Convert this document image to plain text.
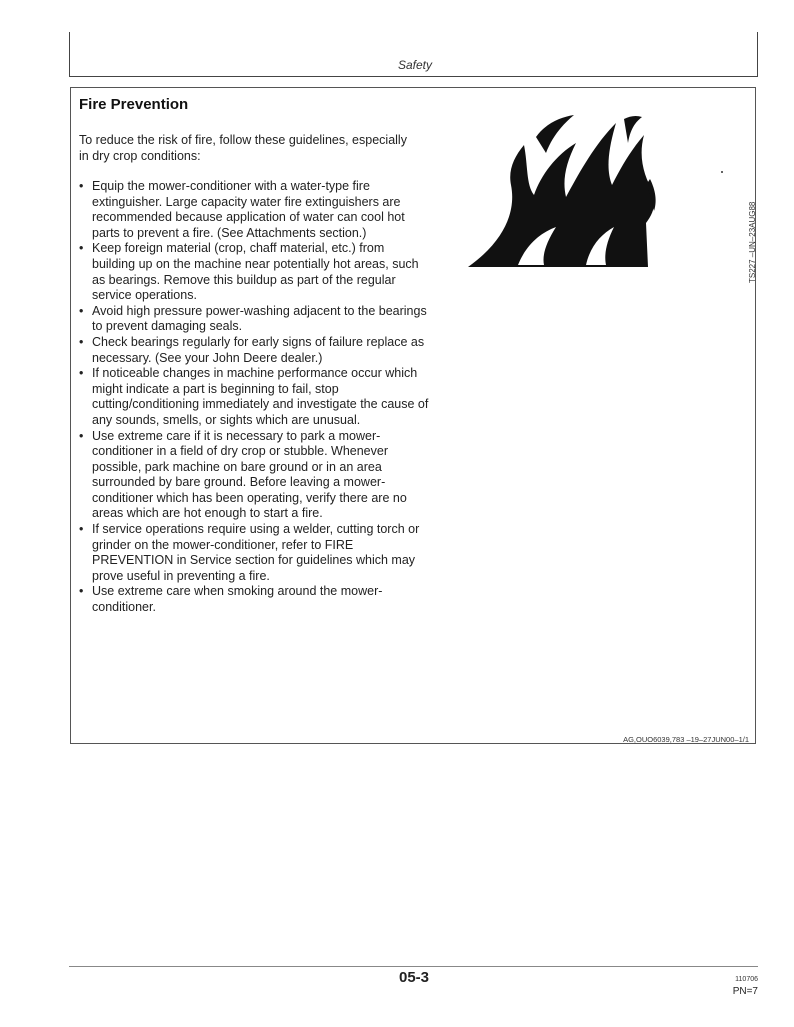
Safety
Fire Prevention
To reduce the risk of fire, follow these guidelines, especially in dry crop conditions:
• Equip the mower-conditioner with a water-type fire extinguisher. Large capacity water fire extinguishers are recommended because application of water can cool hot parts to prevent a fire. (See Attachments section.)
• Keep foreign material (crop, chaff material, etc.) from building up on the machine near potentially hot areas, such as bearings. Remove this buildup as part of the regular service operations.
• Avoid high pressure power-washing adjacent to the bearings to prevent damaging seals.
• Check bearings regularly for early signs of failure replace as necessary. (See your John Deere dealer.)
• If noticeable changes in machine performance occur which might indicate a part is beginning to fail, stop cutting/conditioning immediately and investigate the cause of any sounds, smells, or sights which are unusual.
• Use extreme care if it is necessary to park a mower-conditioner in a field of dry crop or stubble. Whenever possible, park machine on bare ground or in an area surrounded by bare ground. Before leaving a mower-conditioner which has been operating, verify there are no areas which are hot enough to start a fire.
• If service operations require using a welder, cutting torch or grinder on the mower-conditioner, refer to FIRE PREVENTION in Service section for guidelines which may prove useful in preventing a fire.
• Use extreme care when smoking around the mower-conditioner.
TS227 –UN–23AUG88
AG,OUO6039,783 –19–27JUN00–1/1
05-3	110706
PN=7
